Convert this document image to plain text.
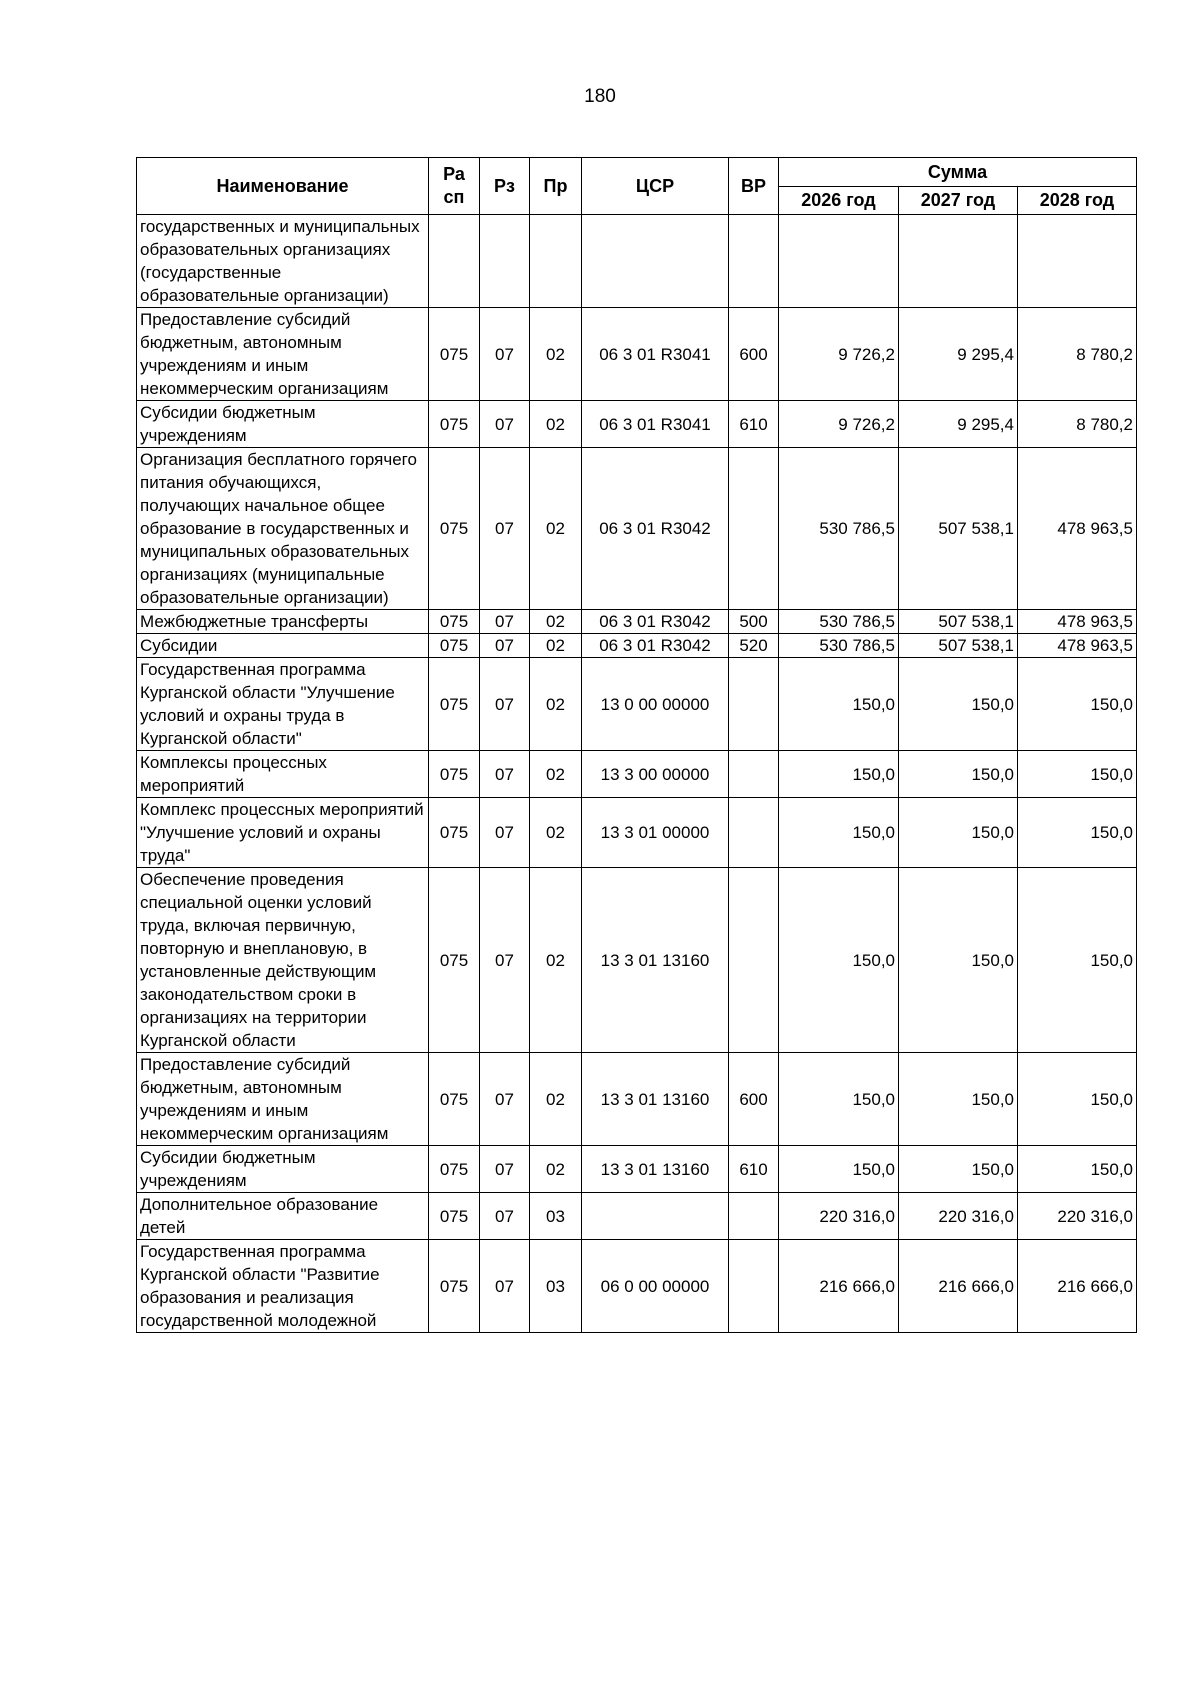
180
Наименование	Ра сп	Рз	Пр	ЦСР	ВР	Сумма		
						2026 год	2027 год	2028 год
государственных и муниципальных образовательных организациях (государственные образовательные организации)								
Предоставление субсидий бюджетным, автономным учреждениям и иным некоммерческим организациям	075	07	02	06 3 01 R3041	600	9 726,2	9 295,4	8 780,2
Субсидии бюджетным учреждениям	075	07	02	06 3 01 R3041	610	9 726,2	9 295,4	8 780,2
Организация бесплатного горячего питания обучающихся, получающих начальное общее образование в государственных и муниципальных образовательных организациях (муниципальные образовательные организации)	075	07	02	06 3 01 R3042		530 786,5	507 538,1	478 963,5
Межбюджетные трансферты	075	07	02	06 3 01 R3042	500	530 786,5	507 538,1	478 963,5
Субсидии	075	07	02	06 3 01 R3042	520	530 786,5	507 538,1	478 963,5
Государственная программа Курганской области "Улучшение условий и охраны труда в Курганской области"	075	07	02	13 0 00 00000		150,0	150,0	150,0
Комплексы процессных мероприятий	075	07	02	13 3 00 00000		150,0	150,0	150,0
Комплекс процессных мероприятий "Улучшение условий и охраны труда"	075	07	02	13 3 01 00000		150,0	150,0	150,0
Обеспечение проведения специальной оценки условий труда, включая первичную, повторную и внеплановую, в установленные действующим законодательством сроки в организациях на территории Курганской области	075	07	02	13 3 01 13160		150,0	150,0	150,0
Предоставление субсидий бюджетным, автономным учреждениям и иным некоммерческим организациям	075	07	02	13 3 01 13160	600	150,0	150,0	150,0
Субсидии бюджетным учреждениям	075	07	02	13 3 01 13160	610	150,0	150,0	150,0
Дополнительное образование детей	075	07	03			220 316,0	220 316,0	220 316,0
Государственная программа Курганской области "Развитие образования и реализация государственной молодежной	075	07	03	06 0 00 00000		216 666,0	216 666,0	216 666,0
